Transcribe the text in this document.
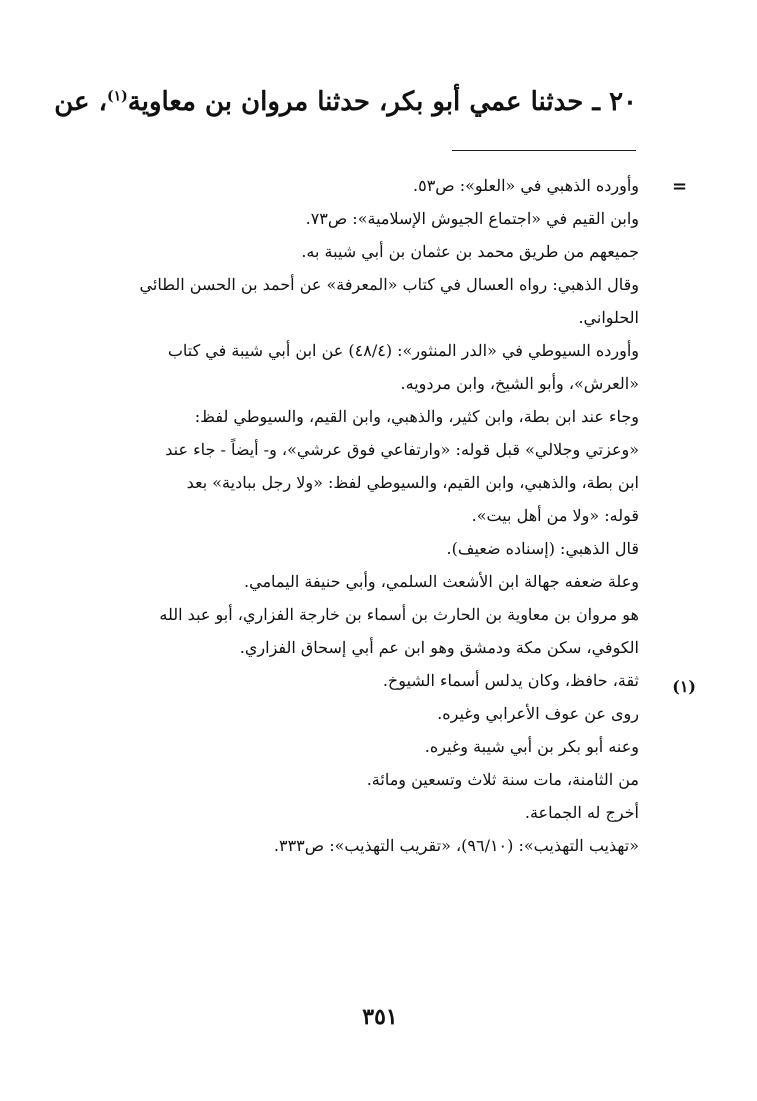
٢٠ ـ حدثنا عمي أبو بكر، حدثنا مروان بن معاوية$^{(١)}$، عن
=
(١)
وأورده الذهبي في «العلو»: ص٥٣.
وابن القيم في «اجتماع الجيوش الإسلامية»: ص٧٣.
جميعهم من طريق محمد بن عثمان بن أبي شيبة به.
وقال الذهبي: رواه العسال في كتاب «المعرفة» عن أحمد بن الحسن الطائي
الحلواني.
وأورده السيوطي في «الدر المنثور»: (٤٨/٤) عن ابن أبي شيبة في كتاب
«العرش»، وأبو الشيخ، وابن مردويه.
وجاء عند ابن بطة، وابن كثير، والذهبي، وابن القيم، والسيوطي لفظ:
«وعزتي وجلالي» قبل قوله: «وارتفاعي فوق عرشي»، و- أيضاً - جاء عند
ابن بطة، والذهبي، وابن القيم، والسيوطي لفظ: «ولا رجل ببادية» بعد
قوله: «ولا من أهل بيت».
قال الذهبي: (إسناده ضعيف).
وعلة ضعفه جهالة ابن الأشعث السلمي، وأبي حنيفة اليمامي.
هو مروان بن معاوية بن الحارث بن أسماء بن خارجة الفزاري، أبو عبد الله
الكوفي، سكن مكة ودمشق وهو ابن عم أبي إسحاق الفزاري.
ثقة، حافظ، وكان يدلس أسماء الشيوخ.
روى عن عوف الأعرابي وغيره.
وعنه أبو بكر بن أبي شيبة وغيره.
من الثامنة، مات سنة ثلاث وتسعين ومائة.
أخرج له الجماعة.
«تهذيب التهذيب»: (٩٦/١٠)، «تقريب التهذيب»: ص٣٣٣.
٣٥١
